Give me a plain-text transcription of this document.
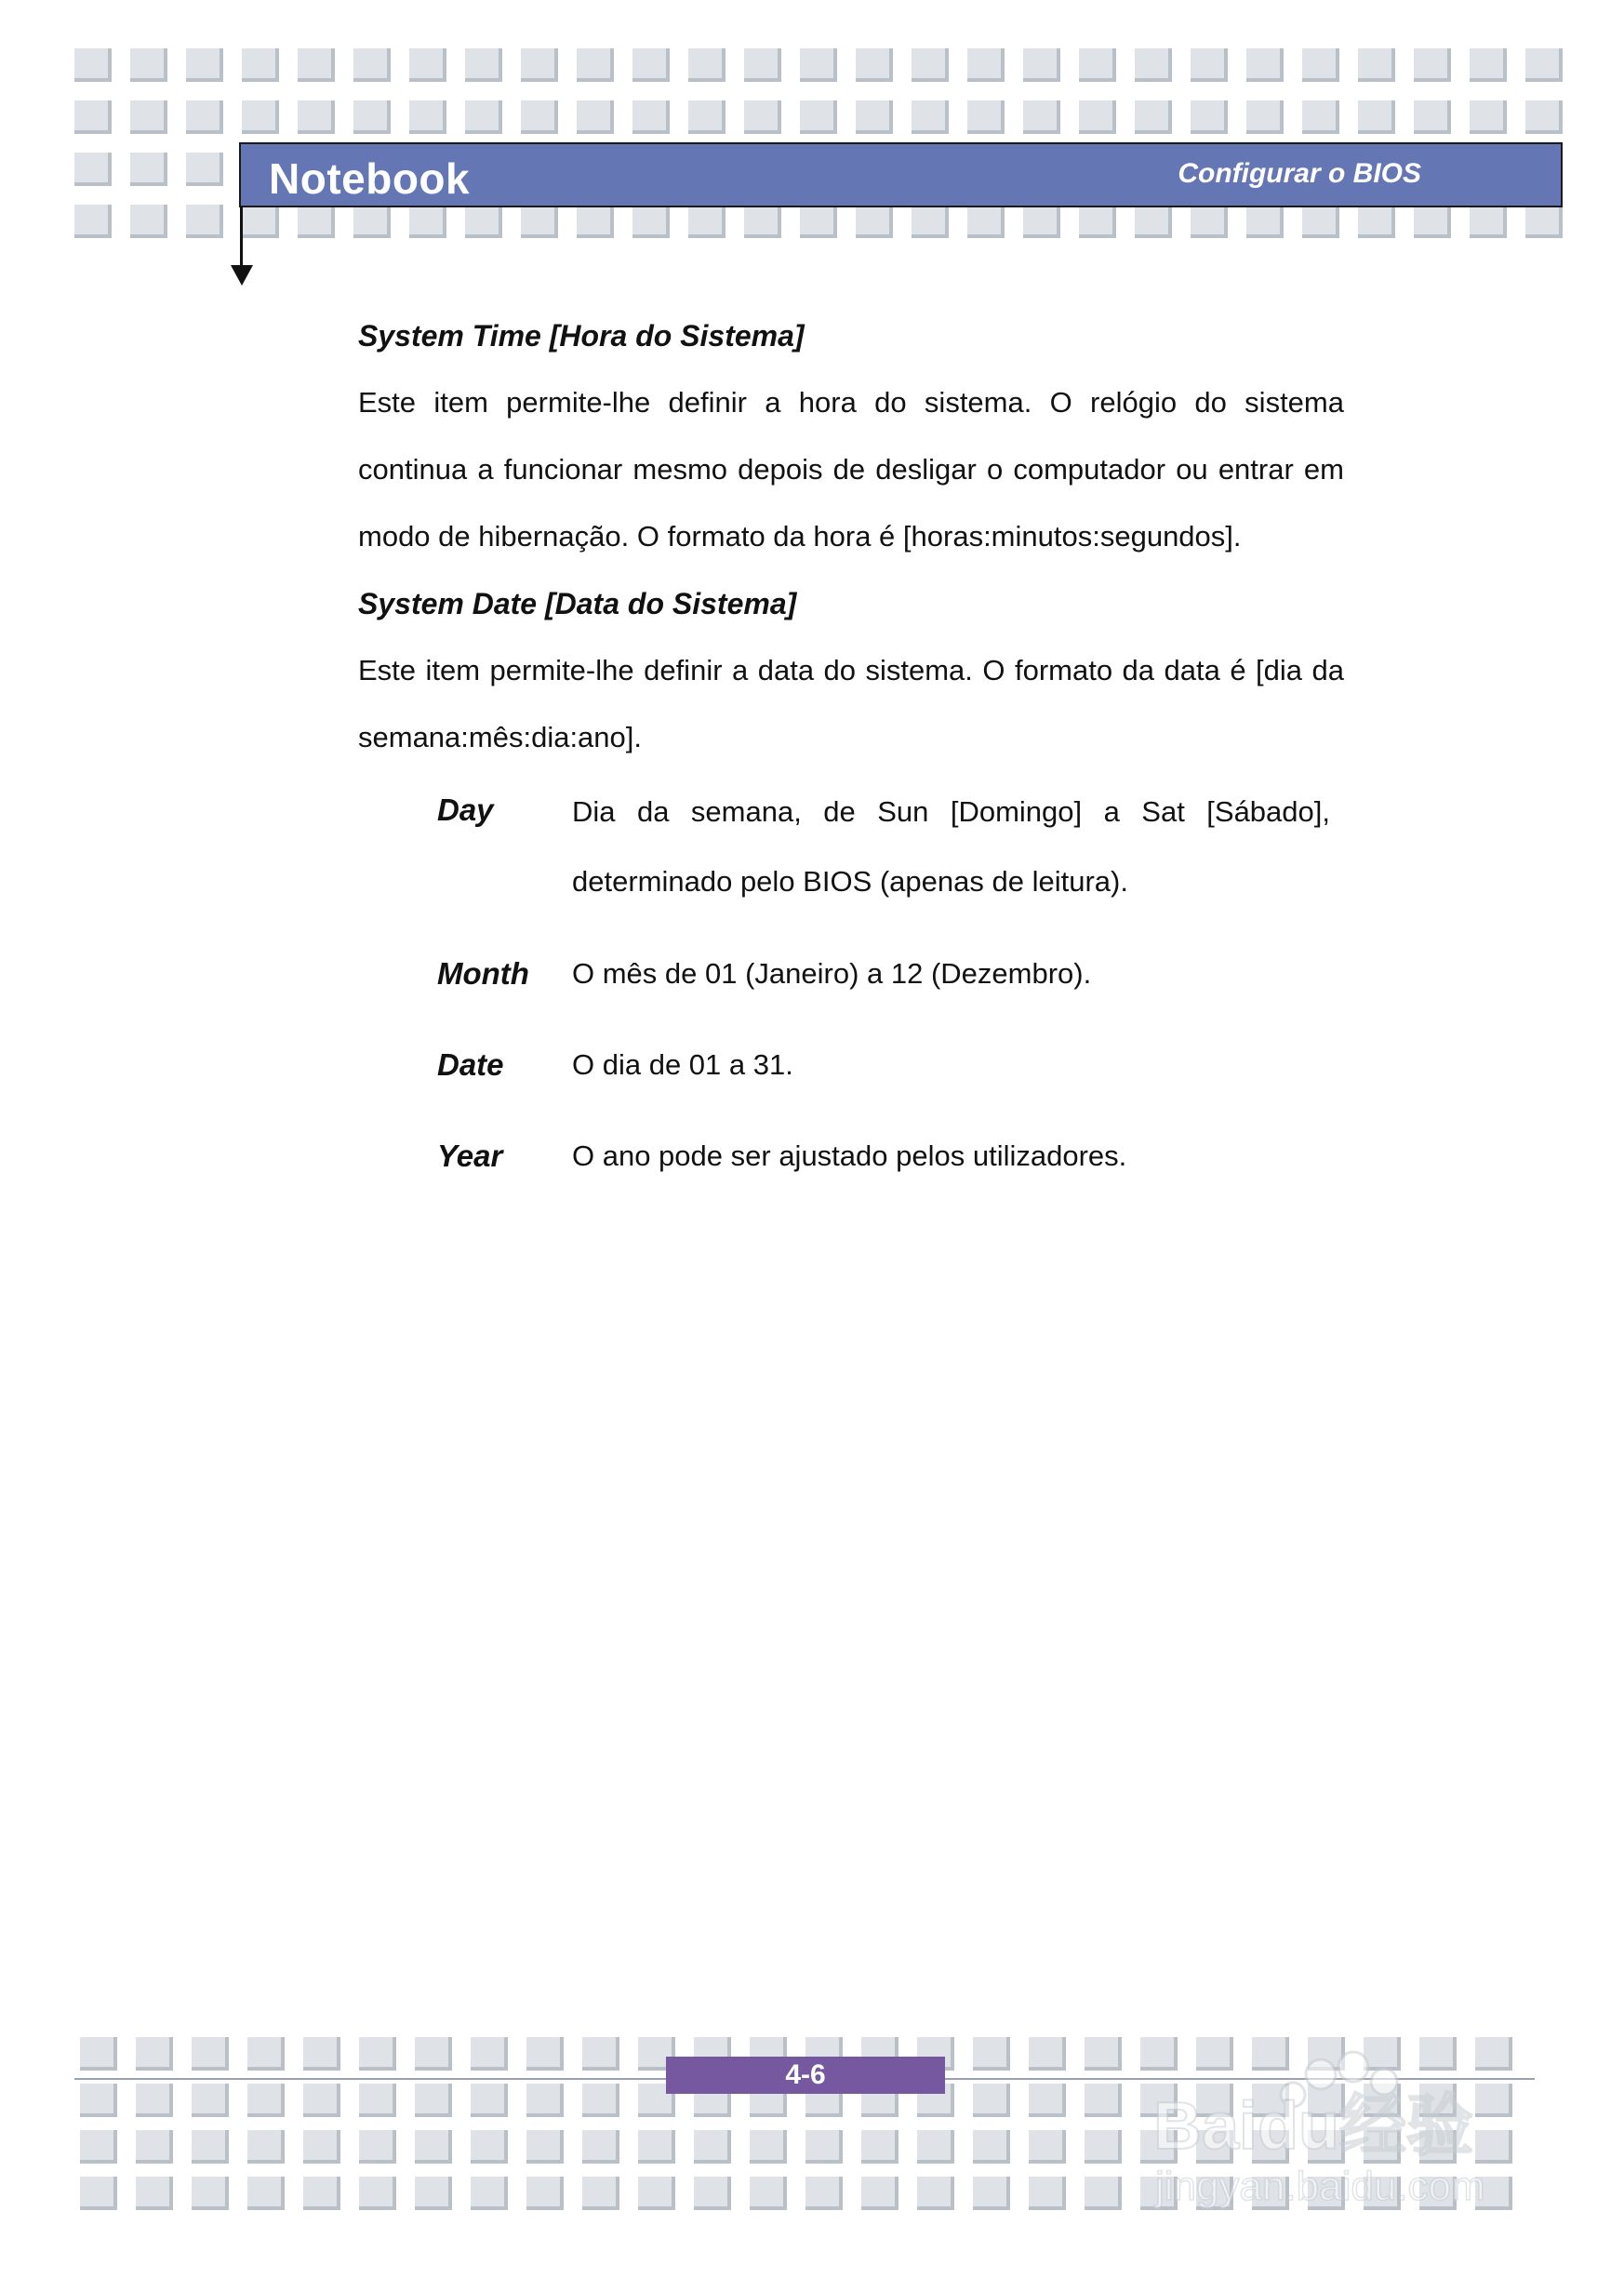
Notebook	Configurar o BIOS

System Time [Hora do Sistema]

Este item permite-lhe definir a hora do sistema. O relógio do sistema continua a funcionar mesmo depois de desligar o computador ou entrar em modo de hibernação. O formato da hora é [horas:minutos:segundos].

System Date [Data do Sistema]

Este item permite-lhe definir a data do sistema. O formato da data é [dia da semana:mês:dia:ano].

Day	Dia da semana, de Sun [Domingo] a Sat [Sábado], determinado pelo BIOS (apenas de leitura).
Month	O mês de 01 (Janeiro) a 12 (Dezembro).
Date	O dia de 01 a 31.
Year	O ano pode ser ajustado pelos utilizadores.
4-6
Baidu经验
jingyan.baidu.com
